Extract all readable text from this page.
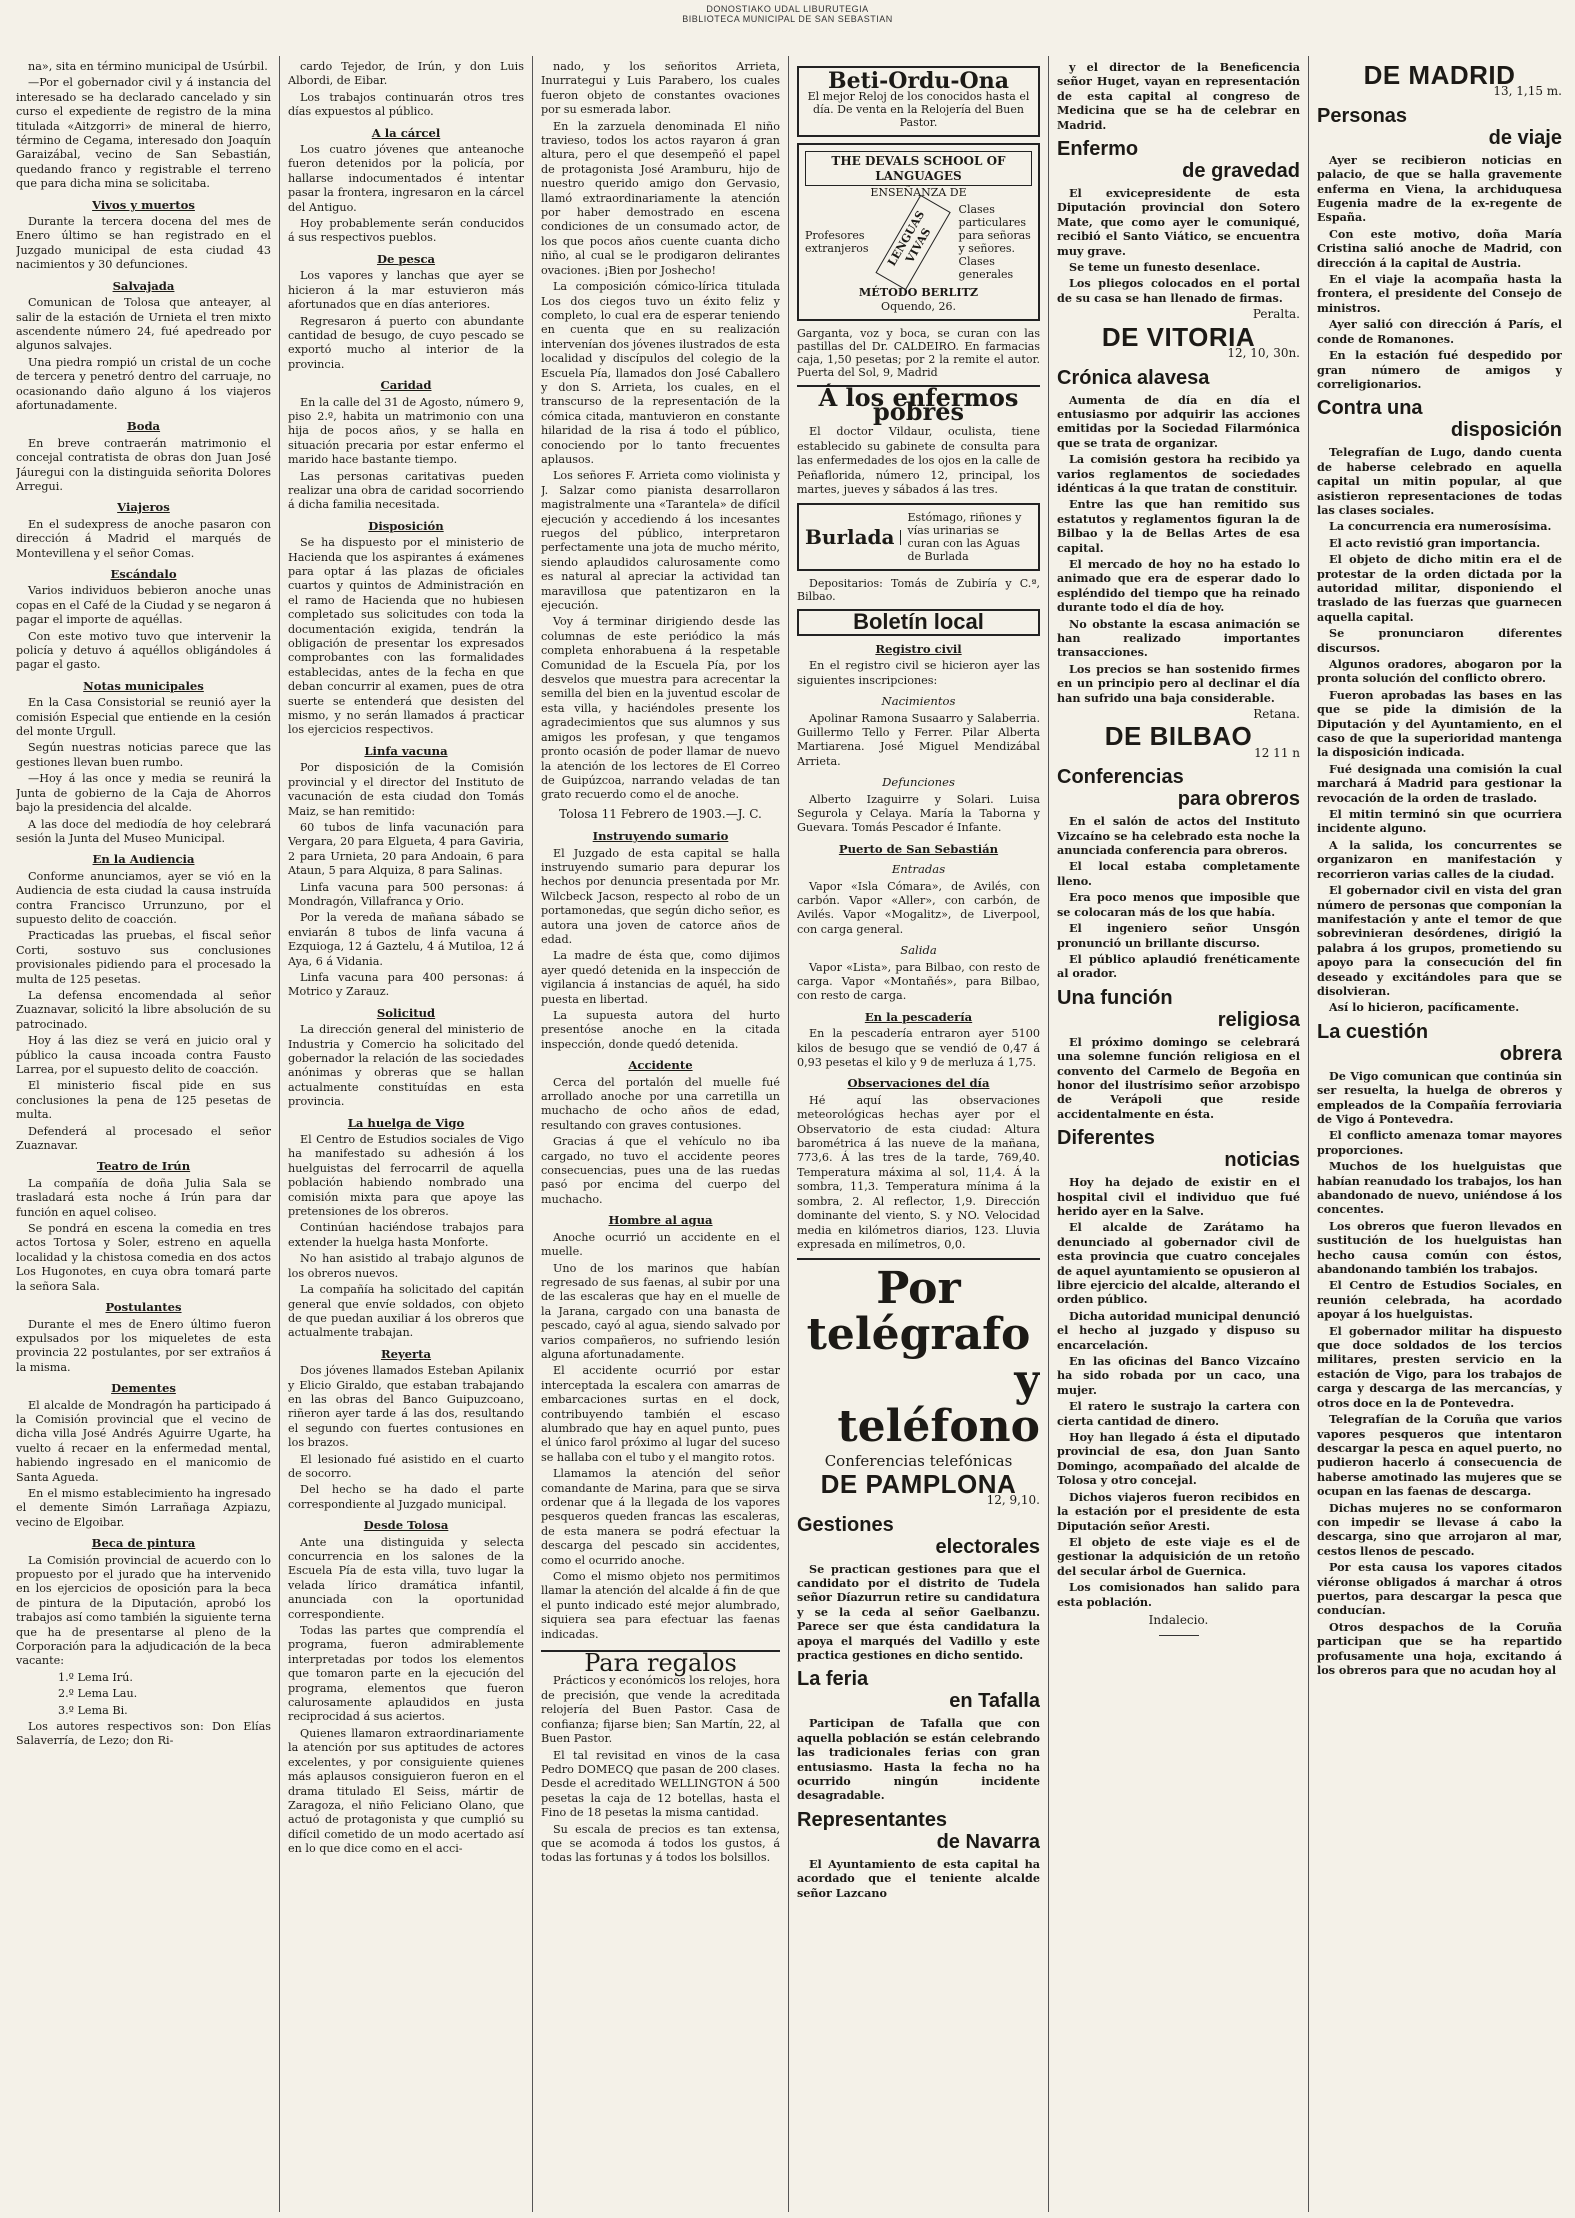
DONOSTIAKO UDAL LIBURUTEGIA
BIBLIOTECA MUNICIPAL DE SAN SEBASTIAN

na», sita en término municipal de Usúrbil.

—Por el gobernador civil y á instancia del interesado se ha declarado cancelado y sin curso el expediente de registro de la mina titulada «Aitzgorri» de mineral de hierro, término de Cegama, interesado don Joaquín Garaizábal, vecino de San Sebastián, quedando franco y registrable el terreno que para dicha mina se solicitaba.

Vivos y muertos

Durante la tercera docena del mes de Enero último se han registrado en el Juzgado municipal de esta ciudad 43 nacimientos y 30 defunciones.

Salvajada

Comunican de Tolosa que anteayer, al salir de la estación de Urnieta el tren mixto ascendente número 24, fué apedreado por algunos salvajes.

Una piedra rompió un cristal de un coche de tercera y penetró dentro del carruaje, no ocasionando daño alguno á los viajeros afortunadamente.

Boda

En breve contraerán matrimonio el concejal contratista de obras don Juan José Jáuregui con la distinguida señorita Dolores Arregui.

Viajeros

En el sudexpress de anoche pasaron con dirección á Madrid el marqués de Montevillena y el señor Comas.

Escándalo

Varios individuos bebieron anoche unas copas en el Café de la Ciudad y se negaron á pagar el importe de aquéllas.

Con este motivo tuvo que intervenir la policía y detuvo á aquéllos obligándoles á pagar el gasto.

Notas municipales

En la Casa Consistorial se reunió ayer la comisión Especial que entiende en la cesión del monte Urgull.

Según nuestras noticias parece que las gestiones llevan buen rumbo.

—Hoy á las once y media se reunirá la Junta de gobierno de la Caja de Ahorros bajo la presidencia del alcalde.

A las doce del mediodía de hoy celebrará sesión la Junta del Museo Municipal.

En la Audiencia

Conforme anunciamos, ayer se vió en la Audiencia de esta ciudad la causa instruída contra Francisco Urrunzuno, por el supuesto delito de coacción.

Practicadas las pruebas, el fiscal señor Corti, sostuvo sus conclusiones provisionales pidiendo para el procesado la multa de 125 pesetas.

La defensa encomendada al señor Zuaznavar, solicitó la libre absolución de su patrocinado.

Hoy á las diez se verá en juicio oral y público la causa incoada contra Fausto Larrea, por el supuesto delito de coacción.

El ministerio fiscal pide en sus conclusiones la pena de 125 pesetas de multa.

Defenderá al procesado el señor Zuaznavar.

Teatro de Irún

La compañía de doña Julia Sala se trasladará esta noche á Irún para dar función en aquel coliseo.

Se pondrá en escena la comedia en tres actos Tortosa y Soler, estreno en aquella localidad y la chistosa comedia en dos actos Los Hugonotes, en cuya obra tomará parte la señora Sala.

Postulantes

Durante el mes de Enero último fueron expulsados por los miqueletes de esta provincia 22 postulantes, por ser extraños á la misma.

Dementes

El alcalde de Mondragón ha participado á la Comisión provincial que el vecino de dicha villa José Andrés Aguirre Ugarte, ha vuelto á recaer en la enfermedad mental, habiendo ingresado en el manicomio de Santa Agueda.

En el mismo establecimiento ha ingresado el demente Simón Larrañaga Azpiazu, vecino de Elgoibar.

Beca de pintura

La Comisión provincial de acuerdo con lo propuesto por el jurado que ha intervenido en los ejercicios de oposición para la beca de pintura de la Diputación, aprobó los trabajos así como también la siguiente terna que ha de presentarse al pleno de la Corporación para la adjudicación de la beca vacante:

1.º Lema Irú.

2.º Lema Lau.

3.º Lema Bi.

Los autores respectivos son: Don Elías Salaverría, de Lezo; don Ri-

cardo Tejedor, de Irún, y don Luis Albordi, de Eibar.

Los trabajos continuarán otros tres días expuestos al público.

A la cárcel

Los cuatro jóvenes que anteanoche fueron detenidos por la policía, por hallarse indocumentados é intentar pasar la frontera, ingresaron en la cárcel del Antiguo.

Hoy probablemente serán conducidos á sus respectivos pueblos.

De pesca

Los vapores y lanchas que ayer se hicieron á la mar estuvieron más afortunados que en días anteriores.

Regresaron á puerto con abundante cantidad de besugo, de cuyo pescado se exportó mucho al interior de la provincia.

Caridad

En la calle del 31 de Agosto, número 9, piso 2.º, habita un matrimonio con una hija de pocos años, y se halla en situación precaria por estar enfermo el marido hace bastante tiempo.

Las personas caritativas pueden realizar una obra de caridad socorriendo á dicha familia necesitada.

Disposición

Se ha dispuesto por el ministerio de Hacienda que los aspirantes á exámenes para optar á las plazas de oficiales cuartos y quintos de Administración en el ramo de Hacienda que no hubiesen completado sus solicitudes con toda la documentación exigida, tendrán la obligación de presentar los expresados comprobantes con las formalidades establecidas, antes de la fecha en que deban concurrir al examen, pues de otra suerte se entenderá que desisten del mismo, y no serán llamados á practicar los ejercicios respectivos.

Linfa vacuna

Por disposición de la Comisión provincial y el director del Instituto de vacunación de esta ciudad don Tomás Maiz, se han remitido:

60 tubos de linfa vacunación para Vergara, 20 para Elgueta, 4 para Gaviria, 2 para Urnieta, 20 para Andoain, 6 para Ataun, 5 para Alquiza, 8 para Salinas.

Linfa vacuna para 500 personas: á Mondragón, Villafranca y Orio.

Por la vereda de mañana sábado se enviarán 8 tubos de linfa vacuna á Ezquioga, 12 á Gaztelu, 4 á Mutiloa, 12 á Aya, 6 á Vidania.

Linfa vacuna para 400 personas: á Motrico y Zarauz.

Solicitud

La dirección general del ministerio de Industria y Comercio ha solicitado del gobernador la relación de las sociedades anónimas y obreras que se hallan actualmente constituídas en esta provincia.

La huelga de Vigo

El Centro de Estudios sociales de Vigo ha manifestado su adhesión á los huelguistas del ferrocarril de aquella población habiendo nombrado una comisión mixta para que apoye las pretensiones de los obreros.

Continúan haciéndose trabajos para extender la huelga hasta Monforte.

No han asistido al trabajo algunos de los obreros nuevos.

La compañía ha solicitado del capitán general que envíe soldados, con objeto de que puedan auxiliar á los obreros que actualmente trabajan.

Reyerta

Dos jóvenes llamados Esteban Apilanix y Elicio Giraldo, que estaban trabajando en las obras del Banco Guipuzcoano, riñeron ayer tarde á las dos, resultando el segundo con fuertes contusiones en los brazos.

El lesionado fué asistido en el cuarto de socorro.

Del hecho se ha dado el parte correspondiente al Juzgado municipal.

Desde Tolosa

Ante una distinguida y selecta concurrencia en los salones de la Escuela Pía de esta villa, tuvo lugar la velada lírico dramática infantil, anunciada con la oportunidad correspondiente.

Todas las partes que comprendía el programa, fueron admirablemente interpretadas por todos los elementos que tomaron parte en la ejecución del programa, elementos que fueron calurosamente aplaudidos en justa reciprocidad á sus aciertos.

Quienes llamaron extraordinariamente la atención por sus aptitudes de actores excelentes, y por consiguiente quienes más aplausos consiguieron fueron en el drama titulado El Seiss, mártir de Zaragoza, el niño Feliciano Olano, que actuó de protagonista y que cumplió su difícil cometido de un modo acertado así en lo que dice como en el acci-

nado, y los señoritos Arrieta, Inurrategui y Luis Parabero, los cuales fueron objeto de constantes ovaciones por su esmerada labor.

En la zarzuela denominada El niño travieso, todos los actos rayaron á gran altura, pero el que desempeñó el papel de protagonista José Aramburu, hijo de nuestro querido amigo don Gervasio, llamó extraordinariamente la atención por haber demostrado en escena condiciones de un consumado actor, de los que pocos años cuente cuanta dicho niño, al cual se le prodigaron delirantes ovaciones. ¡Bien por Joshecho!

La composición cómico-lírica titulada Los dos ciegos tuvo un éxito feliz y completo, lo cual era de esperar teniendo en cuenta que en su realización intervenían dos jóvenes ilustrados de esta localidad y discípulos del colegio de la Escuela Pía, llamados don José Caballero y don S. Arrieta, los cuales, en el transcurso de la representación de la cómica citada, mantuvieron en constante hilaridad de la risa á todo el público, conociendo por lo tanto frecuentes aplausos.

Los señores F. Arrieta como violinista y J. Salzar como pianista desarrollaron magistralmente una «Tarantela» de difícil ejecución y accediendo á los incesantes ruegos del público, interpretaron perfectamente una jota de mucho mérito, siendo aplaudidos calurosamente como es natural al apreciar la actividad tan maravillosa que patentizaron en la ejecución.

Voy á terminar dirigiendo desde las columnas de este periódico la más completa enhorabuena á la respetable Comunidad de la Escuela Pía, por los desvelos que muestra para acrecentar la semilla del bien en la juventud escolar de esta villa, y haciéndoles presente los agradecimientos que sus alumnos y sus amigos les profesan, y que tengamos pronto ocasión de poder llamar de nuevo la atención de los lectores de El Correo de Guipúzcoa, narrando veladas de tan grato recuerdo como el de anoche.

Tolosa 11 Febrero de 1903.—J. C.

Instruyendo sumario

El Juzgado de esta capital se halla instruyendo sumario para depurar los hechos por denuncia presentada por Mr. Wilcbeck Jacson, respecto al robo de un portamonedas, que según dicho señor, es autora una joven de catorce años de edad.

La madre de ésta que, como dijimos ayer quedó detenida en la inspección de vigilancia á instancias de aquél, ha sido puesta en libertad.

La supuesta autora del hurto presentóse anoche en la citada inspección, donde quedó detenida.

Accidente

Cerca del portalón del muelle fué arrollado anoche por una carretilla un muchacho de ocho años de edad, resultando con graves contusiones.

Gracias á que el vehículo no iba cargado, no tuvo el accidente peores consecuencias, pues una de las ruedas pasó por encima del cuerpo del muchacho.

Hombre al agua

Anoche ocurrió un accidente en el muelle.

Uno de los marinos que habían regresado de sus faenas, al subir por una de las escaleras que hay en el muelle de la Jarana, cargado con una banasta de pescado, cayó al agua, siendo salvado por varios compañeros, no sufriendo lesión alguna afortunadamente.

El accidente ocurrió por estar interceptada la escalera con amarras de embarcaciones surtas en el dock, contribuyendo también el escaso alumbrado que hay en aquel punto, pues el único farol próximo al lugar del suceso se hallaba con el tubo y el mangito rotos.

Llamamos la atención del señor comandante de Marina, para que se sirva ordenar que á la llegada de los vapores pesqueros queden francas las escaleras, de esta manera se podrá efectuar la descarga del pescado sin accidentes, como el ocurrido anoche.

Como el mismo objeto nos permitimos llamar la atención del alcalde á fin de que el punto indicado esté mejor alumbrado, siquiera sea para efectuar las faenas indicadas.

Para regalos

Prácticos y económicos los relojes, hora de precisión, que vende la acreditada relojería del Buen Pastor. Casa de confianza; fijarse bien; San Martín, 22, al Buen Pastor.

El tal revisitad en vinos de la casa Pedro DOMECQ que pasan de 200 clases. Desde el acreditado WELLINGTON á 500 pesetas la caja de 12 botellas, hasta el Fino de 18 pesetas la misma cantidad.

Su escala de precios es tan extensa, que se acomoda á todos los gustos, á todas las fortunas y á todos los bolsillos.

Beti-Ordu-Ona
El mejor Reloj de los conocidos hasta el día. De venta en la Relojería del Buen Pastor.
THE DEVALS SCHOOL OF LANGUAGES
ENSEÑANZA DE
Profesores extranjeros	LENGUAS VIVAS
Clases particulares para señoras y señores. Clases generales
MÉTODO BERLITZ
Oquendo, 26.

Garganta, voz y boca, se curan con las pastillas del Dr. CALDEIRO. En farmacias caja, 1,50 pesetas; por 2 la remite el autor. Puerta del Sol, 9, Madrid

Á los enfermos pobres

El doctor Vildaur, oculista, tiene establecido su gabinete de consulta para las enfermedades de los ojos en la calle de Peñaflorida, número 12, principal, los martes, jueves y sábados á las tres.

Burlada
Estómago, riñones y vías urinarias se curan con las Aguas de Burlada

Depositarios: Tomás de Zubiría y C.ª, Bilbao.

Boletín local

Registro civil

En el registro civil se hicieron ayer las siguientes inscripciones:

Nacimientos

Apolinar Ramona Susaarro y Salaberria. Guillermo Tello y Ferrer. Pilar Alberta Martiarena. José Miguel Mendizábal Arrieta.

Defunciones

Alberto Izaguirre y Solari. Luisa Segurola y Celaya. María la Taborna y Guevara. Tomás Pescador é Infante.

Puerto de San Sebastián

Entradas

Vapor «Isla Cómara», de Avilés, con carbón. Vapor «Aller», con carbón, de Avilés. Vapor «Mogalitz», de Liverpool, con carga general.

Salida

Vapor «Lista», para Bilbao, con resto de carga. Vapor «Montañés», para Bilbao, con resto de carga.

En la pescadería

En la pescadería entraron ayer 5100 kilos de besugo que se vendió de 0,47 á 0,93 pesetas el kilo y 9 de merluza á 1,75.

Observaciones del día

Hé aquí las observaciones meteorológicas hechas ayer por el Observatorio de esta ciudad: Altura barométrica á las nueve de la mañana, 773,6. Á las tres de la tarde, 769,40. Temperatura máxima al sol, 11,4. Á la sombra, 11,3. Temperatura mínima á la sombra, 2. Al reflector, 1,9. Dirección dominante del viento, S. y NO. Velocidad media en kilómetros diarios, 123. Lluvia expresada en milímetros, 0,0.

Por telégrafo
y teléfono
Conferencias telefónicas
DE PAMPLONA
12, 9,10.
Gestiones
electorales

Se practican gestiones para que el candidato por el distrito de Tudela señor Díazurrun retire su candidatura y se la ceda al señor Gaelbanzu. Parece ser que ésta candidatura la apoya el marqués del Vadillo y este practica gestiones en dicho sentido.

La feria
en Tafalla

Participan de Tafalla que con aquella población se están celebrando las tradicionales ferias con gran entusiasmo. Hasta la fecha no ha ocurrido ningún incidente desagradable.

Representantes
de Navarra

El Ayuntamiento de esta capital ha acordado que el teniente alcalde señor Lazcano

y el director de la Beneficencia señor Huget, vayan en representación de esta capital al congreso de Medicina que se ha de celebrar en Madrid.

Enfermo
de gravedad

El exvicepresidente de esta Diputación provincial don Sotero Mate, que como ayer le comuniqué, recibió el Santo Viático, se encuentra muy grave.

Se teme un funesto desenlace.

Los pliegos colocados en el portal de su casa se han llenado de firmas.

Peralta.
DE VITORIA
12, 10, 30n.
Crónica alavesa

Aumenta de día en día el entusiasmo por adquirir las acciones emitidas por la Sociedad Filarmónica que se trata de organizar.

La comisión gestora ha recibido ya varios reglamentos de sociedades idénticas á la que tratan de constituir.

Entre las que han remitido sus estatutos y reglamentos figuran la de Bilbao y la de Bellas Artes de esa capital.

El mercado de hoy no ha estado lo animado que era de esperar dado lo espléndido del tiempo que ha reinado durante todo el día de hoy.

No obstante la escasa animación se han realizado importantes transacciones.

Los precios se han sostenido firmes en un principio pero al declinar el día han sufrido una baja considerable.

Retana.
DE BILBAO
12 11 n
Conferencias
para obreros

En el salón de actos del Instituto Vizcaíno se ha celebrado esta noche la anunciada conferencia para obreros.

El local estaba completamente lleno.

Era poco menos que imposible que se colocaran más de los que había.

El ingeniero señor Unsgón pronunció un brillante discurso.

El público aplaudió frenéticamente al orador.

Una función
religiosa

El próximo domingo se celebrará una solemne función religiosa en el convento del Carmelo de Begoña en honor del ilustrísimo señor arzobispo de Verápoli que reside accidentalmente en ésta.

Diferentes
noticias

Hoy ha dejado de existir en el hospital civil el individuo que fué herido ayer en la Salve.

El alcalde de Zarátamo ha denunciado al gobernador civil de esta provincia que cuatro concejales de aquel ayuntamiento se opusieron al libre ejercicio del alcalde, alterando el orden público.

Dicha autoridad municipal denunció el hecho al juzgado y dispuso su encarcelación.

En las oficinas del Banco Vizcaíno ha sido robada por un caco, una mujer.

El ratero le sustrajo la cartera con cierta cantidad de dinero.

Hoy han llegado á ésta el diputado provincial de esa, don Juan Santo Domingo, acompañado del alcalde de Tolosa y otro concejal.

Dichos viajeros fueron recibidos en la estación por el presidente de esta Diputación señor Aresti.

El objeto de este viaje es el de gestionar la adquisición de un retoño del secular árbol de Guernica.

Los comisionados han salido para esta población.

Indalecio.
DE MADRID
13, 1,15 m.
Personas
de viaje

Ayer se recibieron noticias en palacio, de que se halla gravemente enferma en Viena, la archiduquesa Eugenia madre de la ex-regente de España.

Con este motivo, doña María Cristina salió anoche de Madrid, con dirección á la capital de Austria.

En el viaje la acompaña hasta la frontera, el presidente del Consejo de ministros.

Ayer salió con dirección á París, el conde de Romanones.

En la estación fué despedido por gran número de amigos y correligionarios.

Contra una
disposición

Telegrafían de Lugo, dando cuenta de haberse celebrado en aquella capital un mitin popular, al que asistieron representaciones de todas las clases sociales.

La concurrencia era numerosísima.

El acto revistió gran importancia.

El objeto de dicho mitin era el de protestar de la orden dictada por la autoridad militar, disponiendo el traslado de las fuerzas que guarnecen aquella capital.

Se pronunciaron diferentes discursos.

Algunos oradores, abogaron por la pronta solución del conflicto obrero.

Fueron aprobadas las bases en las que se pide la dimisión de la Diputación y del Ayuntamiento, en el caso de que la superioridad mantenga la disposición indicada.

Fué designada una comisión la cual marchará á Madrid para gestionar la revocación de la orden de traslado.

El mitin terminó sin que ocurriera incidente alguno.

A la salida, los concurrentes se organizaron en manifestación y recorrieron varias calles de la ciudad.

El gobernador civil en vista del gran número de personas que componían la manifestación y ante el temor de que sobrevinieran desórdenes, dirigió la palabra á los grupos, prometiendo su apoyo para la consecución del fin deseado y excitándoles para que se disolvieran.

Así lo hicieron, pacíficamente.

La cuestión
obrera

De Vigo comunican que continúa sin ser resuelta, la huelga de obreros y empleados de la Compañía ferroviaria de Vigo á Pontevedra.

El conflicto amenaza tomar mayores proporciones.

Muchos de los huelguistas que habían reanudado los trabajos, los han abandonado de nuevo, uniéndose á los concentes.

Los obreros que fueron llevados en sustitución de los huelguistas han hecho causa común con éstos, abandonando también los trabajos.

El Centro de Estudios Sociales, en reunión celebrada, ha acordado apoyar á los huelguistas.

El gobernador militar ha dispuesto que doce soldados de los tercios militares, presten servicio en la estación de Vigo, para los trabajos de carga y descarga de las mercancías, y otros doce en la de Pontevedra.

Telegrafían de la Coruña que varios vapores pesqueros que intentaron descargar la pesca en aquel puerto, no pudieron hacerlo á consecuencia de haberse amotinado las mujeres que se ocupan en las faenas de descarga.

Dichas mujeres no se conformaron con impedir se llevase á cabo la descarga, sino que arrojaron al mar, cestos llenos de pescado.

Por esta causa los vapores citados viéronse obligados á marchar á otros puertos, para descargar la pesca que conducían.

Otros despachos de la Coruña participan que se ha repartido profusamente una hoja, excitando á los obreros para que no acudan hoy al
